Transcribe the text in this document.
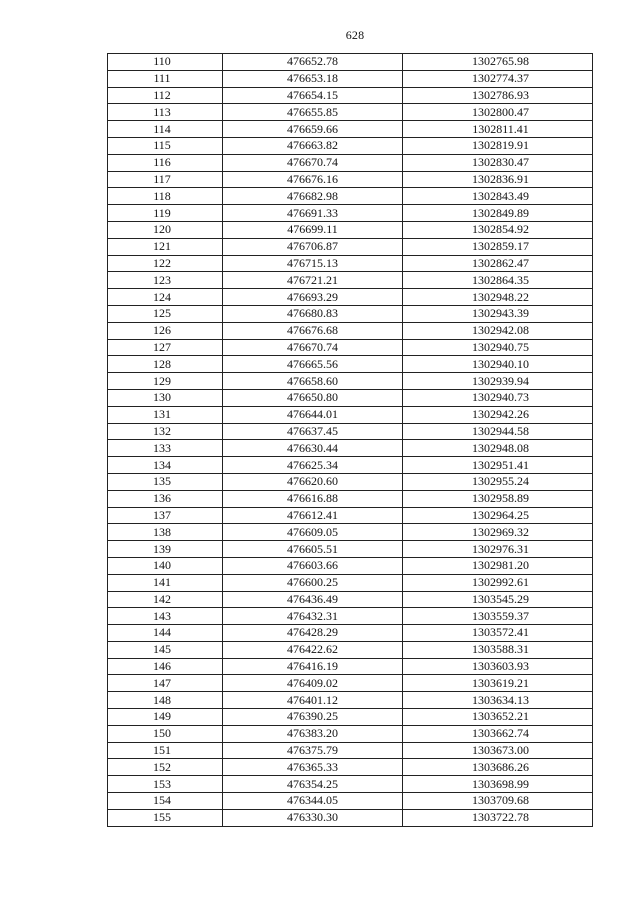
628
110	476652.78	1302765.98
111	476653.18	1302774.37
112	476654.15	1302786.93
113	476655.85	1302800.47
114	476659.66	1302811.41
115	476663.82	1302819.91
116	476670.74	1302830.47
117	476676.16	1302836.91
118	476682.98	1302843.49
119	476691.33	1302849.89
120	476699.11	1302854.92
121	476706.87	1302859.17
122	476715.13	1302862.47
123	476721.21	1302864.35
124	476693.29	1302948.22
125	476680.83	1302943.39
126	476676.68	1302942.08
127	476670.74	1302940.75
128	476665.56	1302940.10
129	476658.60	1302939.94
130	476650.80	1302940.73
131	476644.01	1302942.26
132	476637.45	1302944.58
133	476630.44	1302948.08
134	476625.34	1302951.41
135	476620.60	1302955.24
136	476616.88	1302958.89
137	476612.41	1302964.25
138	476609.05	1302969.32
139	476605.51	1302976.31
140	476603.66	1302981.20
141	476600.25	1302992.61
142	476436.49	1303545.29
143	476432.31	1303559.37
144	476428.29	1303572.41
145	476422.62	1303588.31
146	476416.19	1303603.93
147	476409.02	1303619.21
148	476401.12	1303634.13
149	476390.25	1303652.21
150	476383.20	1303662.74
151	476375.79	1303673.00
152	476365.33	1303686.26
153	476354.25	1303698.99
154	476344.05	1303709.68
155	476330.30	1303722.78
